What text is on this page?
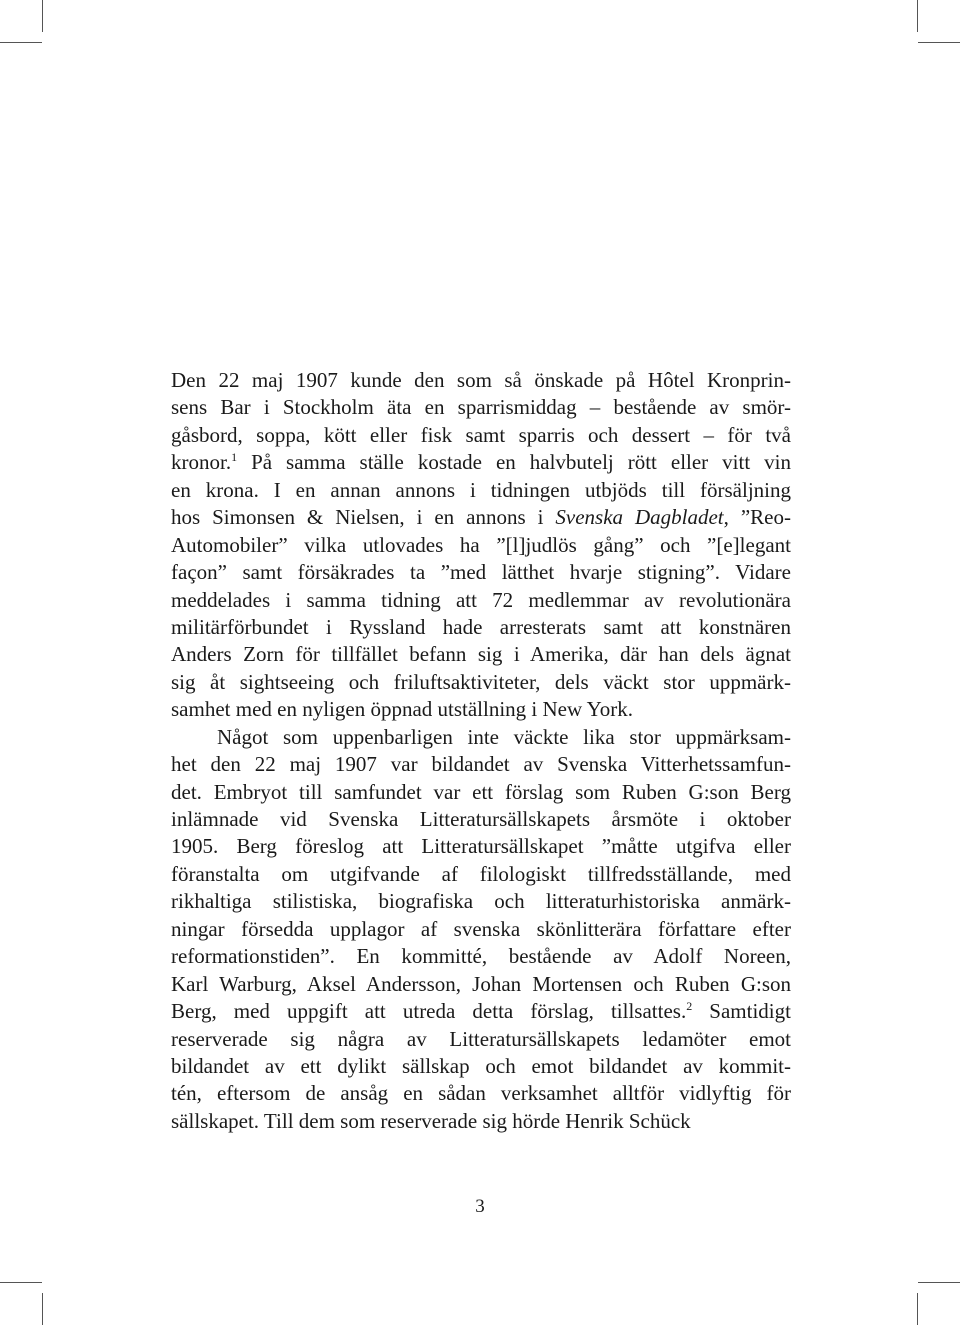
Den 22 maj 1907 kunde den som så önskade på Hôtel Kronprin-
sens Bar i Stockholm äta en sparrismiddag – bestående av smör-
gåsbord, soppa, kött eller fisk samt sparris och dessert – för två
kronor.$^1$ På samma ställe kostade en halvbutelj rött eller vitt vin
en krona. I en annan annons i tidningen utbjöds till försäljning
hos Simonsen & Nielsen, i en annons i Svenska Dagbladet, ”Reo-
Automobiler” vilka utlovades ha ”[l]judlös gång” och ”[e]legant
façon” samt försäkrades ta ”med lätthet hvarje stigning”. Vidare
meddelades i samma tidning att 72 medlemmar av revolutionära
militärförbundet i Ryssland hade arresterats samt att konstnären
Anders Zorn för tillfället befann sig i Amerika, där han dels ägnat
sig åt sightseeing och friluftsaktiviteter, dels väckt stor uppmärk-
samhet med en nyligen öppnad utställning i New York.
Något som uppenbarligen inte väckte lika stor uppmärksam-
het den 22 maj 1907 var bildandet av Svenska Vitterhetssamfun-
det. Embryot till samfundet var ett förslag som Ruben G:son Berg
inlämnade vid Svenska Litteratursällskapets årsmöte i oktober
1905. Berg föreslog att Litteratursällskapet ”måtte utgifva eller
föranstalta om utgifvande af filologiskt tillfredsställande, med
rikhaltiga stilistiska, biografiska och litteraturhistoriska anmärk-
ningar försedda upplagor af svenska skönlitterära författare efter
reformationstiden”. En kommitté, bestående av Adolf Noreen,
Karl Warburg, Aksel Andersson, Johan Mortensen och Ruben G:son
Berg, med uppgift att utreda detta förslag, tillsattes.$^2$ Samtidigt
reserverade sig några av Litteratursällskapets ledamöter emot
bildandet av ett dylikt sällskap och emot bildandet av kommit-
tén, eftersom de ansåg en sådan verksamhet alltför vidlyftig för
sällskapet. Till dem som reserverade sig hörde Henrik Schück
3
